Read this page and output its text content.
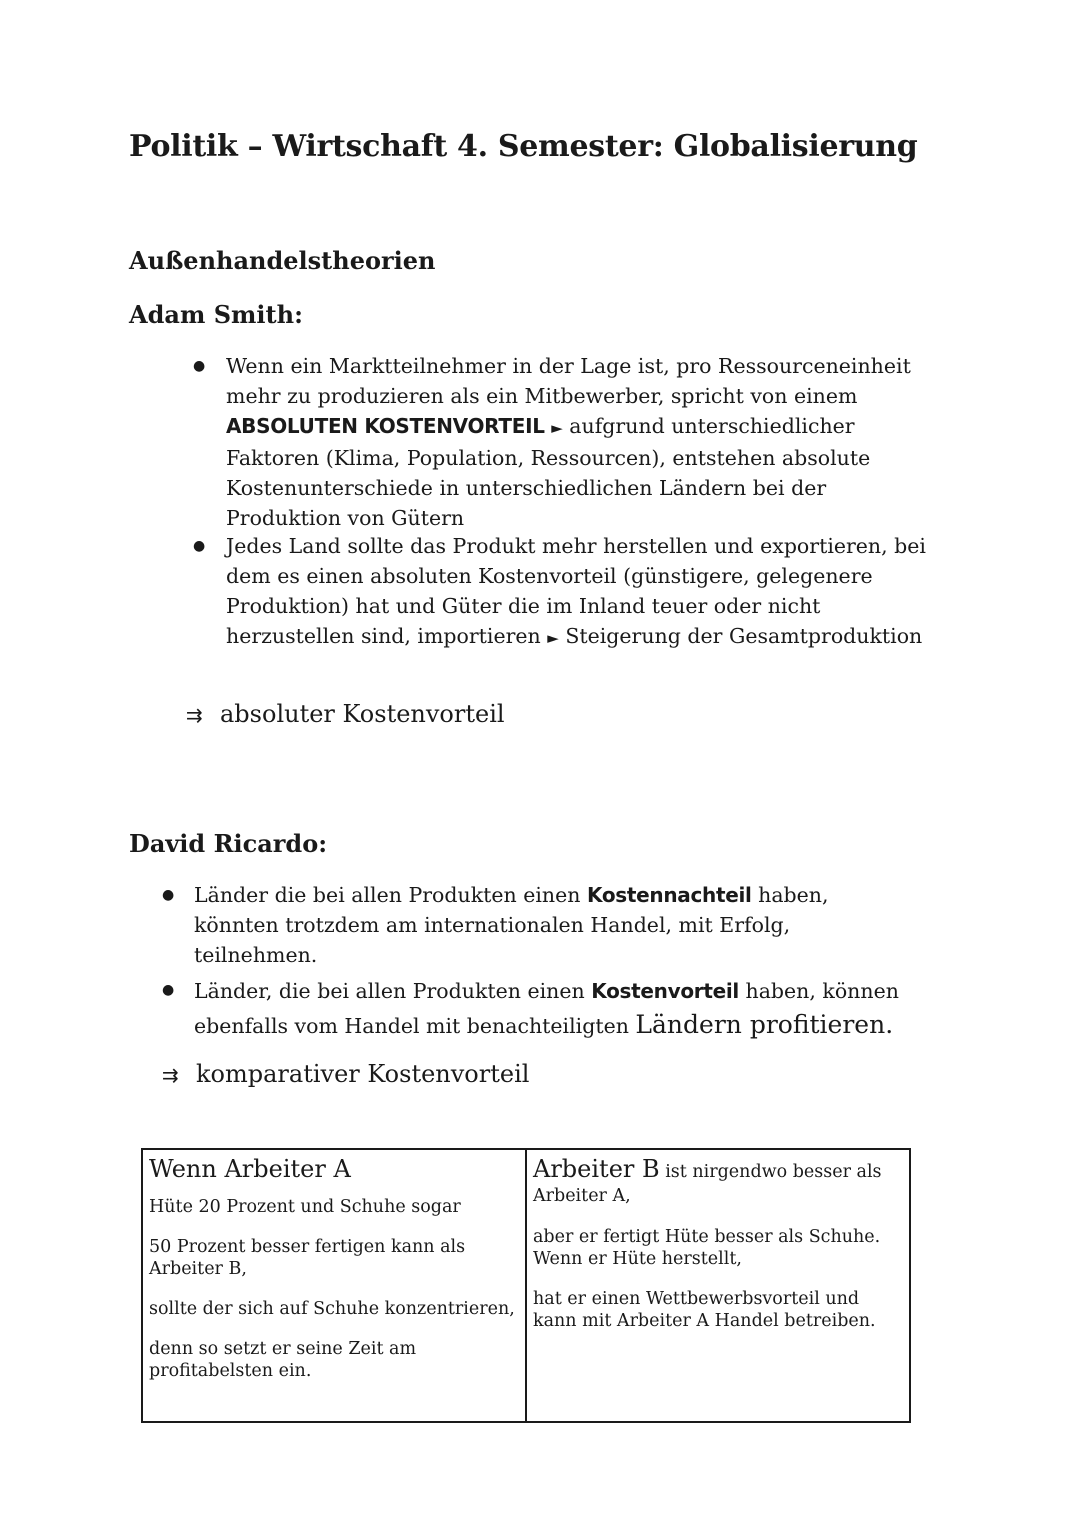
Politik – Wirtschaft 4. Semester: Globalisierung
Außenhandelstheorien
Adam Smith:
● Wenn ein Marktteilnehmer in der Lage ist, pro Ressourceneinheit mehr zu produzieren als ein Mitbewerber, spricht von einem ABSOLUTEN KOSTENVORTEIL ► aufgrund unterschiedlicher Faktoren (Klima, Population, Ressourcen), entstehen absolute Kostenunterschiede in unterschiedlichen Ländern bei der Produktion von Gütern
● Jedes Land sollte das Produkt mehr herstellen und exportieren, bei dem es einen absoluten Kostenvorteil (günstigere, gelegenere Produktion) hat und Güter die im Inland teuer oder nicht herzustellen sind, importieren ► Steigerung der Gesamtproduktion
⇉ absoluter Kostenvorteil
David Ricardo:
● Länder die bei allen Produkten einen Kostennachteil haben, könnten trotzdem am internationalen Handel, mit Erfolg, teilnehmen.
● Länder, die bei allen Produkten einen Kostenvorteil haben, können ebenfalls vom Handel mit benachteiligten Ländern profitieren.
⇉ komparativer Kostenvorteil
Wenn Arbeiter A
Hüte 20 Prozent und Schuhe sogar
50 Prozent besser fertigen kann als Arbeiter B,
sollte der sich auf Schuhe konzentrieren,
denn so setzt er seine Zeit am profitabelsten ein.

Arbeiter B ist nirgendwo besser als Arbeiter A,
aber er fertigt Hüte besser als Schuhe. Wenn er Hüte herstellt,
hat er einen Wettbewerbsvorteil und kann mit Arbeiter A Handel betreiben.
